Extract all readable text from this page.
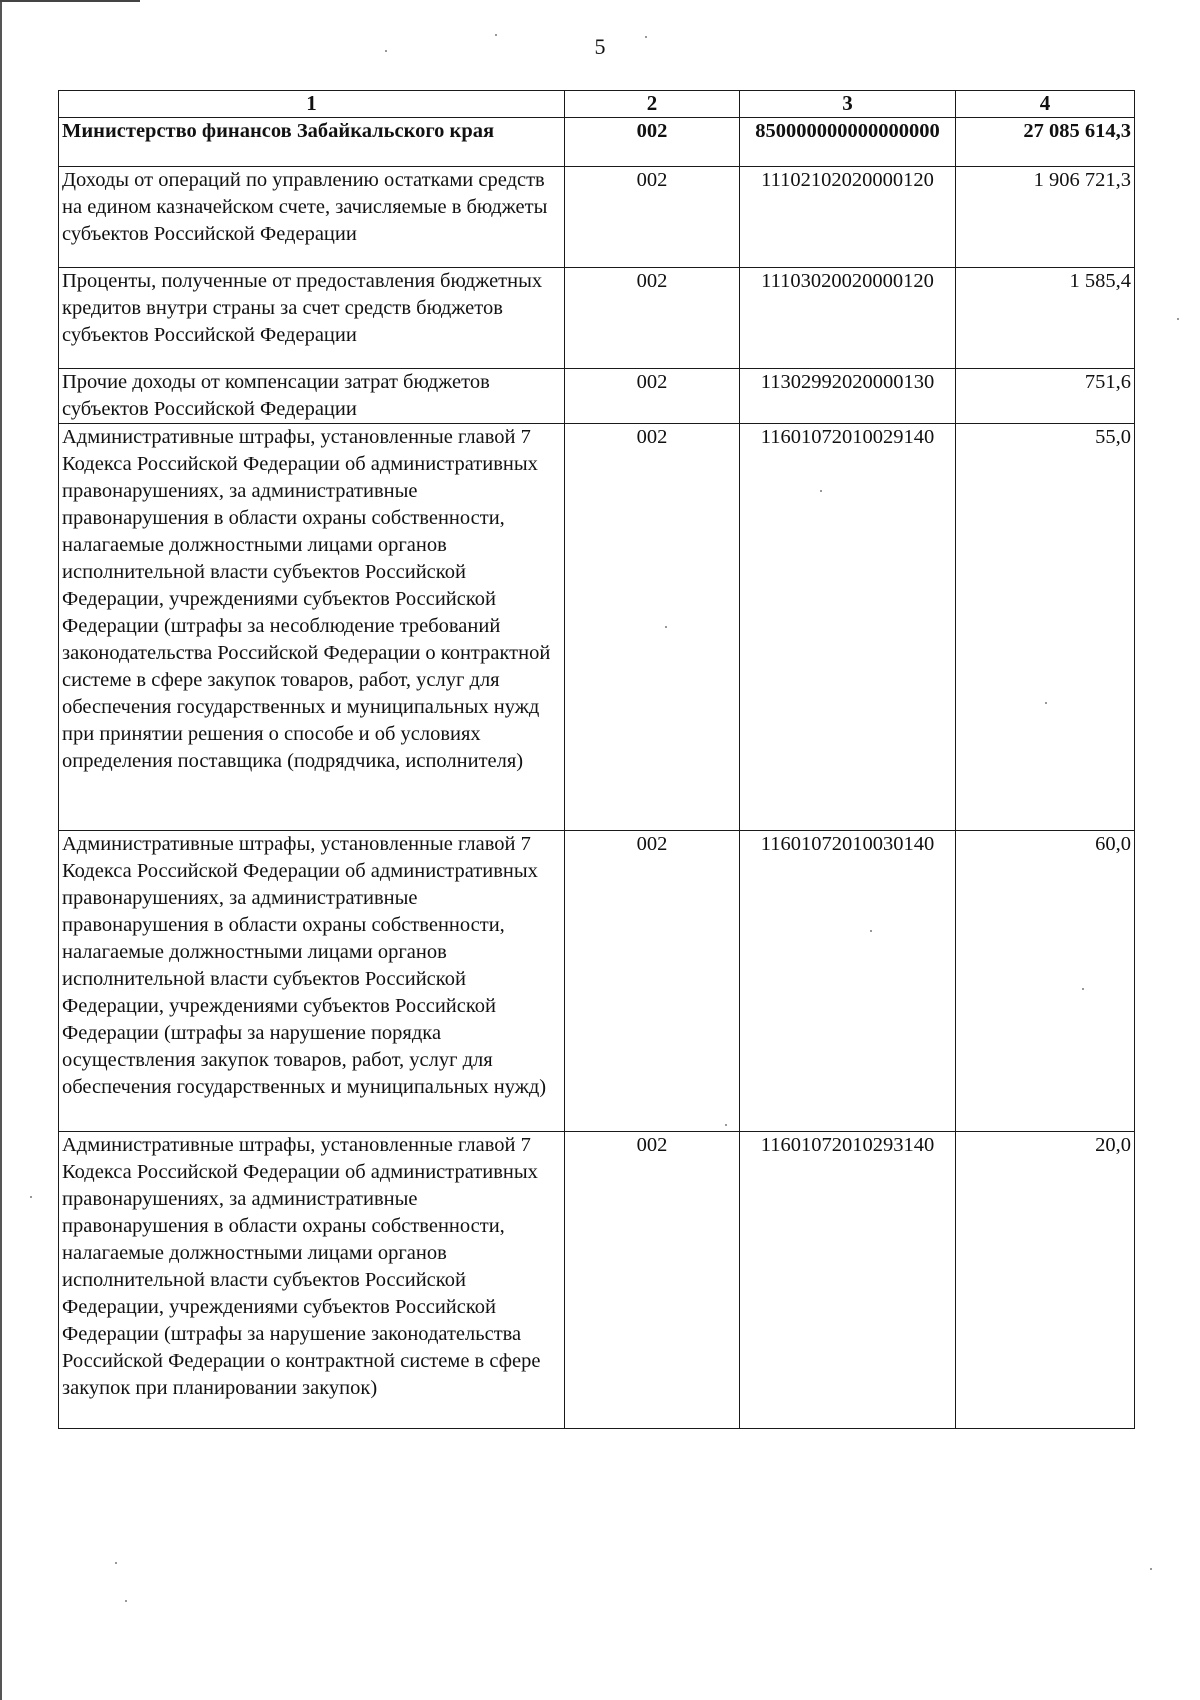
5
1	2	3	4
Министерство финансов Забайкальского края	002	850000000000000000	27 085 614,3
Доходы от операций по управлению остатками средств на едином казначейском счете, зачисляемые в бюджеты субъектов Российской Федерации	002	11102102020000120	1 906 721,3
Проценты, полученные от предоставления бюджетных кредитов внутри страны за счет средств бюджетов субъектов Российской Федерации	002	11103020020000120	1 585,4
Прочие доходы от компенсации затрат бюджетов субъектов Российской Федерации	002	11302992020000130	751,6
Административные штрафы, установленные главой 7 Кодекса Российской Федерации об административных правонарушениях, за административные правонарушения в области охраны собственности, налагаемые должностными лицами органов исполнительной власти субъектов Российской Федерации, учреждениями субъектов Российской Федерации (штрафы за несоблюдение требований законодательства Российской Федерации о контрактной системе в сфере закупок товаров, работ, услуг для обеспечения государственных и муниципальных нужд при принятии решения о способе и об условиях определения поставщика (подрядчика, исполнителя)	002	11601072010029140	55,0
Административные штрафы, установленные главой 7 Кодекса Российской Федерации об административных правонарушениях, за административные правонарушения в области охраны собственности, налагаемые должностными лицами органов исполнительной власти субъектов Российской Федерации, учреждениями субъектов Российской Федерации (штрафы за нарушение порядка осуществления закупок товаров, работ, услуг для обеспечения государственных и муниципальных нужд)	002	11601072010030140	60,0
Административные штрафы, установленные главой 7 Кодекса Российской Федерации об административных правонарушениях, за административные правонарушения в области охраны собственности, налагаемые должностными лицами органов исполнительной власти субъектов Российской Федерации, учреждениями субъектов Российской Федерации (штрафы за нарушение законодательства Российской Федерации о контрактной системе в сфере закупок при планировании закупок)	002	11601072010293140	20,0
